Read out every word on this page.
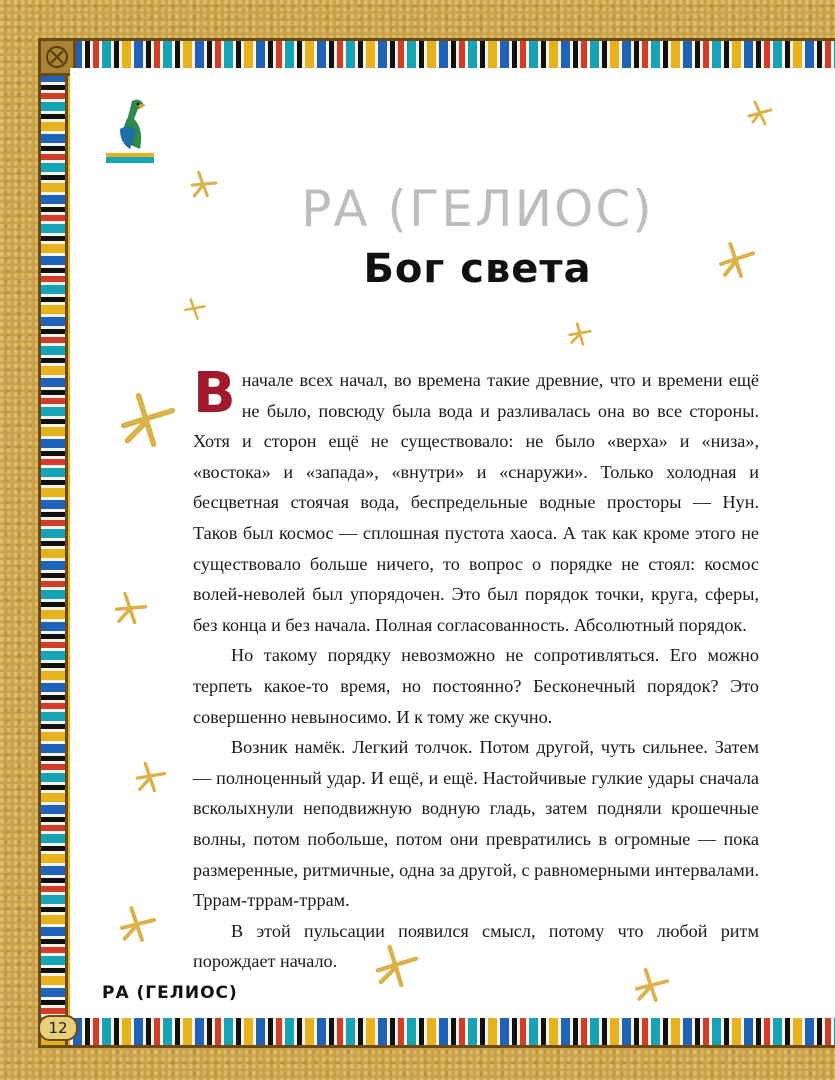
РА (ГЕЛИОС)
Бог света

Вначале всех начал, во времена такие древние, что и времени ещё не было, повсюду была вода и разливалась она во все стороны. Хотя и сторон ещё не существовало: не было «верха» и «низа», «востока» и «запада», «внутри» и «снаружи». Только холодная и бесцветная стоячая вода, беспредельные водные просторы — Нун. Таков был космос — сплошная пустота хаоса. А так как кроме этого не существовало больше ничего, то вопрос о порядке не стоял: космос волей-неволей был упорядочен. Это был порядок точки, круга, сферы, без конца и без начала. Полная согласованность. Абсолютный порядок.

Но такому порядку невозможно не сопротивляться. Его можно терпеть какое-то время, но постоянно? Бесконечный порядок? Это совершенно невыносимо. И к тому же скучно.

Возник намёк. Легкий толчок. Потом другой, чуть сильнее. Затем — полноценный удар. И ещё, и ещё. Настойчивые гулкие удары сначала всколыхнули неподвижную водную гладь, затем подняли крошечные волны, потом побольше, потом они превратились в огромные — пока размеренные, ритмичные, одна за другой, с равномерными интервалами. Тррам-тррам-тррам.

В этой пульсации появился смысл, потому что любой ритм порождает начало.

РА (ГЕЛИОС)
12
